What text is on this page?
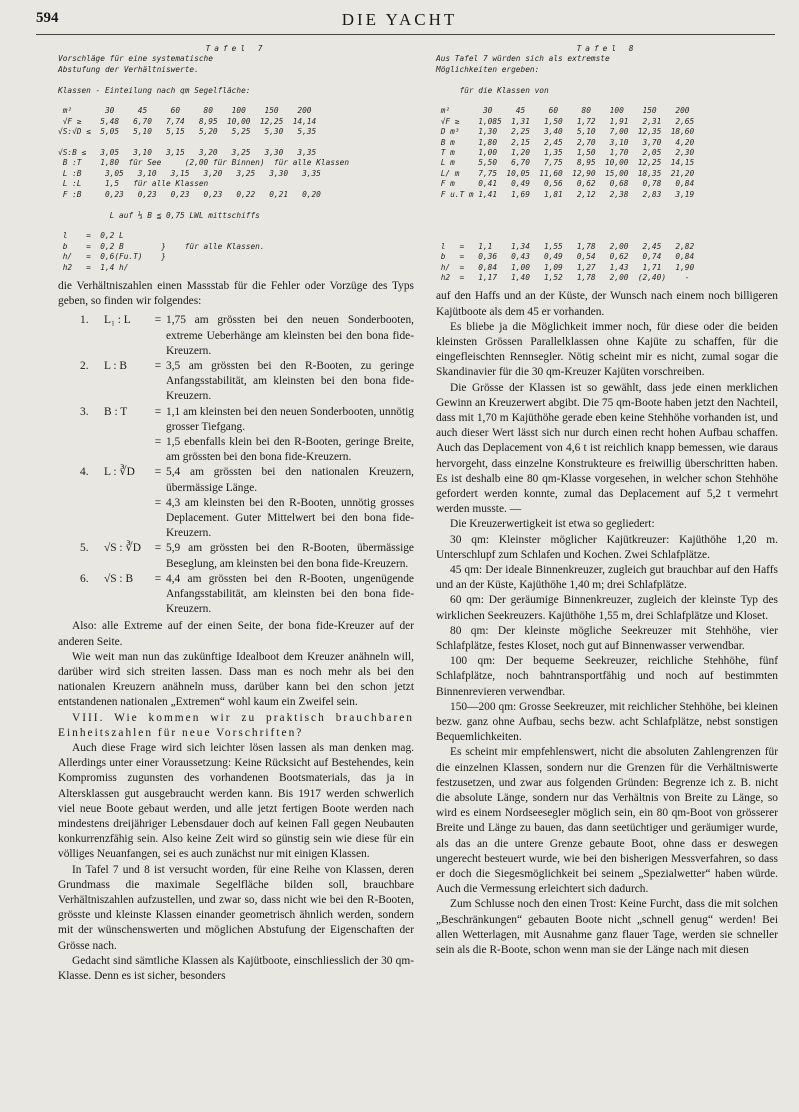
594	DIE YACHT
Tafel 7
Vorschläge für eine systematische
Abstufung der Verhältniswerte.

Klassen - Einteilung nach qm Segelfläche:

m²       30     45     60     80    100    150    200
√F ≥    5,48   6,70   7,74   8,95  10,00  12,25  14,14
√S:√D ≤  5,05   5,10   5,15   5,20   5,25   5,30   5,35

√S:B ≤   3,05   3,10   3,15   3,20   3,25   3,30   3,35
B :T    1,80  für See     (2,00 für Binnen)  für alle Klassen
L :B     3,05   3,10   3,15   3,20   3,25   3,30   3,35
L :L     1,5   für alle Klassen
F :B     0,23   0,23   0,23   0,23   0,22   0,21   0,20

L auf ⅓ B ≦ 0,75 LWL mittschiffs

l    =  0,2 L
b    =  0,2 B        }    für alle Klassen.
h/   =  0,6(Fu.T)    }
h2   =  1,4 h/

die Verhältniszahlen einen Massstab für die Fehler oder Vorzüge des Typs geben, so finden wir folgendes:

1.	L₁ : L	= 1,75 am grössten bei den neuen Sonderbooten, extreme Ueberhänge am kleinsten bei den bona fide-Kreuzern.
2.	L : B	= 3,5 am grössten bei den R-Booten, zu geringe Anfangsstabilität, am kleinsten bei den bona fide-Kreuzern.
3.	B : T	= 1,1 am kleinsten bei den neuen Sonderbooten, unnötig grosser Tiefgang.
= 1,5 ebenfalls klein bei den R-Booten, geringe Breite, am grössten bei den bona fide-Kreuzern.
4.	L : ∛D	= 5,4 am grössten bei den nationalen Kreuzern, übermässige Länge.
= 4,3 am kleinsten bei den R-Booten, unnötig grosses Deplacement. Guter Mittelwert bei den bona fide-Kreuzern.
5.	√S : ∛D	= 5,9 am grössten bei den R-Booten, übermässige Beseglung, am kleinsten bei den bona fide-Kreuzern.
6.	√S : B	= 4,4 am grössten bei den R-Booten, ungenügende Anfangsstabilität, am kleinsten bei den bona fide-Kreuzern.

Also: alle Extreme auf der einen Seite, der bona fide-Kreuzer auf der anderen Seite.

Wie weit man nun das zukünftige Idealboot dem Kreuzer anähneln will, darüber wird sich streiten lassen. Dass man es noch mehr als bei den nationalen Kreuzern anähneln muss, darüber kann bei den schon jetzt entstandenen nationalen „Extremen“ wohl kaum ein Zweifel sein.

VIII. Wie kommen wir zu praktisch brauchbaren Einheitszahlen für neue Vorschriften?

Auch diese Frage wird sich leichter lösen lassen als man denken mag. Allerdings unter einer Voraussetzung: Keine Rücksicht auf Bestehendes, kein Kompromiss zugunsten des vorhandenen Bootsmaterials, das ja in Altersklassen gut ausgebraucht werden kann. Bis 1917 werden schwerlich viel neue Boote gebaut werden, und alle jetzt fertigen Boote werden nach mindestens dreijähriger Lebensdauer doch auf keinen Fall gegen Neubauten konkurrenzfähig sein. Also keine Zeit wird so günstig sein wie diese für ein völliges Neuanfangen, sei es auch zunächst nur mit einigen Klassen.

In Tafel 7 und 8 ist versucht worden, für eine Reihe von Klassen, deren Grundmass die maximale Segelfläche bilden soll, brauchbare Verhältniszahlen aufzustellen, und zwar so, dass nicht wie bei den R-Booten, grösste und kleinste Klassen einander geometrisch ähnlich werden, sondern mit der wünschenswerten und möglichen Abstufung der Eigenschaften der Grösse nach.

Gedacht sind sämtliche Klassen als Kajütboote, einschliesslich der 30 qm-Klasse. Denn es ist sicher, besonders

Tafel 8
Aus Tafel 7 würden sich als extremste
Möglichkeiten ergeben:

für die Klassen von

m²       30     45     60     80    100    150    200
√F ≥    1,085  1,31   1,50   1,72   1,91   2,31   2,65
D m³    1,30   2,25   3,40   5,10   7,00  12,35  18,60
B m     1,80   2,15   2,45   2,70   3,10   3,70   4,20
T m     1,00   1,20   1,35   1,50   1,70   2,05   2,30
L m     5,50   6,70   7,75   8,95  10,00  12,25  14,15
L/ m    7,75  10,05  11,60  12,90  15,00  18,35  21,20
F m     0,41   0,49   0,56   0,62   0,68   0,78   0,84
F u.T m 1,41   1,69   1,81   2,12   2,38   2,83   3,19

l   =   1,1    1,34   1,55   1,78   2,00   2,45   2,82
b   =   0,36   0,43   0,49   0,54   0,62   0,74   0,84
h/  =   0,84   1,00   1,09   1,27   1,43   1,71   1,90
h2  =   1,17   1,40   1,52   1,78   2,00  (2,40)    -

auf den Haffs und an der Küste, der Wunsch nach einem noch billigeren Kajütboote als dem 45 er vorhanden.

Es bliebe ja die Möglichkeit immer noch, für diese oder die beiden kleinsten Grössen Parallelklassen ohne Kajüte zu schaffen, für die eingefleischten Rennsegler. Nötig scheint mir es nicht, zumal sogar die Skandinavier für die 30 qm-Kreuzer Kajüten vorschreiben.

Die Grösse der Klassen ist so gewählt, dass jede einen merklichen Gewinn an Kreuzerwert abgibt. Die 75 qm-Boote haben jetzt den Nachteil, dass mit 1,70 m Kajüthöhe gerade eben keine Stehhöhe vorhanden ist, und auch dieser Wert lässt sich nur durch einen recht hohen Aufbau schaffen. Auch das Deplacement von 4,6 t ist reichlich knapp bemessen, wie daraus hervorgeht, dass einzelne Konstrukteure es freiwillig überschritten haben. Es ist deshalb eine 80 qm-Klasse vorgesehen, in welcher schon Stehhöhe gefordert werden konnte, zumal das Deplacement auf 5,2 t vermehrt werden musste. —

Die Kreuzerwertigkeit ist etwa so gegliedert:

30 qm: Kleinster möglicher Kajütkreuzer: Kajüthöhe 1,20 m. Unterschlupf zum Schlafen und Kochen. Zwei Schlafplätze.

45 qm: Der ideale Binnenkreuzer, zugleich gut brauchbar auf den Haffs und an der Küste, Kajüthöhe 1,40 m; drei Schlafplätze.

60 qm: Der geräumige Binnenkreuzer, zugleich der kleinste Typ des wirklichen Seekreuzers. Kajüthöhe 1,55 m, drei Schlafplätze und Kloset.

80 qm: Der kleinste mögliche Seekreuzer mit Stehhöhe, vier Schlafplätze, festes Kloset, noch gut auf Binnenwasser verwendbar.

100 qm: Der bequeme Seekreuzer, reichliche Stehhöhe, fünf Schlafplätze, noch bahntransportfähig und noch auf bestimmten Binnenrevieren verwendbar.

150—200 qm: Grosse Seekreuzer, mit reichlicher Stehhöhe, bei kleinen bezw. ganz ohne Aufbau, sechs bezw. acht Schlafplätze, nebst sonstigen Bequemlichkeiten.

Es scheint mir empfehlenswert, nicht die absoluten Zahlengrenzen für die einzelnen Klassen, sondern nur die Grenzen für die Verhältniswerte festzusetzen, und zwar aus folgenden Gründen: Begrenze ich z. B. nicht die absolute Länge, sondern nur das Verhältnis von Breite zu Länge, so wird es einem Nordseesegler möglich sein, ein 80 qm-Boot von grösserer Breite und Länge zu bauen, das dann seetüchtiger und geräumiger wurde, als das an die untere Grenze gebaute Boot, ohne dass er deswegen ungerecht besteuert wurde, wie bei den bisherigen Messverfahren, so dass er doch die Siegesmöglichkeit bei seinem „Spezialwetter“ haben würde. Auch die Vermessung erleichtert sich dadurch.

Zum Schlusse noch den einen Trost: Keine Furcht, dass die mit solchen „Beschränkungen“ gebauten Boote nicht „schnell genug“ werden! Bei allen Wetterlagen, mit Ausnahme ganz flauer Tage, werden sie schneller sein als die R-Boote, schon wenn man sie der Länge nach mit diesen
